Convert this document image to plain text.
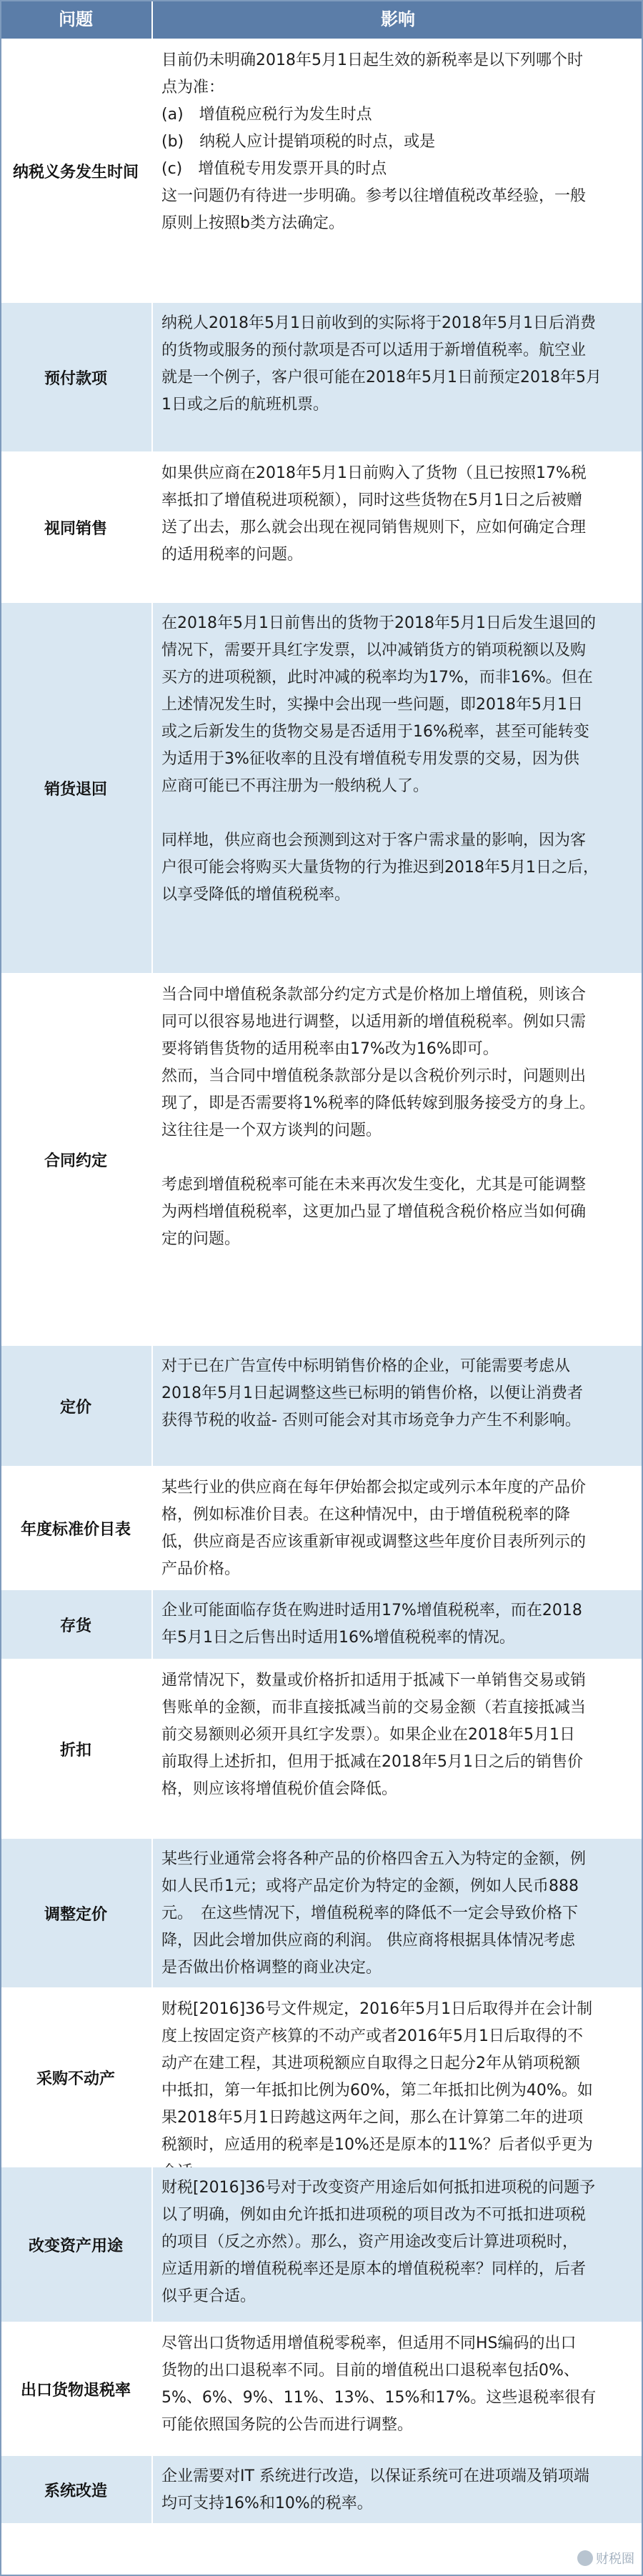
问题	影响
纳税义务发生时间

目前仍未明确2018年5月1日起生效的新税率是以下列哪个时

点为准：

(a)　增值税应税行为发生时点

(b)　纳税人应计提销项税的时点，或是

(c)　增值税专用发票开具的时点

这一问题仍有待进一步明确。参考以往增值税改革经验，一般

原则上按照b类方法确定。

预付款项

纳税人2018年5月1日前收到的实际将于2018年5月1日后消费

的货物或服务的预付款项是否可以适用于新增值税率。航空业

就是一个例子，客户很可能在2018年5月1日前预定2018年5月

1日或之后的航班机票。

视同销售

如果供应商在2018年5月1日前购入了货物（且已按照17%税

率抵扣了增值税进项税额），同时这些货物在5月1日之后被赠

送了出去，那么就会出现在视同销售规则下，应如何确定合理

的适用税率的问题。

销货退回

在2018年5月1日前售出的货物于2018年5月1日后发生退回的

情况下，需要开具红字发票，以冲减销货方的销项税额以及购

买方的进项税额，此时冲减的税率均为17%，而非16%。但在

上述情况发生时，实操中会出现一些问题，即2018年5月1日

或之后新发生的货物交易是否适用于16%税率，甚至可能转变

为适用于3%征收率的且没有增值税专用发票的交易，因为供

应商可能已不再注册为一般纳税人了。

同样地，供应商也会预测到这对于客户需求量的影响，因为客

户很可能会将购买大量货物的行为推迟到2018年5月1日之后，

以享受降低的增值税税率。

合同约定

当合同中增值税条款部分约定方式是价格加上增值税，则该合

同可以很容易地进行调整，以适用新的增值税税率。例如只需

要将销售货物的适用税率由17%改为16%即可。

然而，当合同中增值税条款部分是以含税价列示时，问题则出

现了，即是否需要将1%税率的降低转嫁到服务接受方的身上。

这往往是一个双方谈判的问题。

考虑到增值税税率可能在未来再次发生变化，尤其是可能调整

为两档增值税税率，这更加凸显了增值税含税价格应当如何确

定的问题。

定价

对于已在广告宣传中标明销售价格的企业，可能需要考虑从

2018年5月1日起调整这些已标明的销售价格，以便让消费者

获得节税的收益- 否则可能会对其市场竞争力产生不利影响。

年度标准价目表

某些行业的供应商在每年伊始都会拟定或列示本年度的产品价

格，例如标准价目表。在这种情况中，由于增值税税率的降

低，供应商是否应该重新审视或调整这些年度价目表所列示的

产品价格。

存货

企业可能面临存货在购进时适用17%增值税税率，而在2018

年5月1日之后售出时适用16%增值税税率的情况。

折扣

通常情况下，数量或价格折扣适用于抵减下一单销售交易或销

售账单的金额，而非直接抵减当前的交易金额（若直接抵减当

前交易额则必须开具红字发票）。如果企业在2018年5月1日

前取得上述折扣，但用于抵减在2018年5月1日之后的销售价

格，则应该将增值税价值会降低。

调整定价

某些行业通常会将各种产品的价格四舍五入为特定的金额，例

如人民币1元；或将产品定价为特定的金额，例如人民币888

元。　在这些情况下，增值税税率的降低不一定会导致价格下

降，因此会增加供应商的利润。 供应商将根据具体情况考虑

是否做出价格调整的商业决定。

采购不动产

财税[2016]36号文件规定，2016年5月1日后取得并在会计制

度上按固定资产核算的不动产或者2016年5月1日后取得的不

动产在建工程，其进项税额应自取得之日起分2年从销项税额

中抵扣，第一年抵扣比例为60%，第二年抵扣比例为40%。如

果2018年5月1日跨越这两年之间，那么在计算第二年的进项

税额时，应适用的税率是10%还是原本的11%？后者似乎更为

改变资产用途

财税[2016]36号对于改变资产用途后如何抵扣进项税的问题予

以了明确，例如由允许抵扣进项税的项目改为不可抵扣进项税

的项目（反之亦然）。那么，资产用途改变后计算进项税时，

应适用新的增值税税率还是原本的增值税税率？同样的，后者

似乎更合适。

出口货物退税率

尽管出口货物适用增值税零税率，但适用不同HS编码的出口

货物的出口退税率不同。目前的增值税出口退税率包括0%、

5%、6%、9%、11%、13%、15%和17%。这些退税率很有

可能依照国务院的公告而进行调整。

系统改造

企业需要对IT 系统进行改造，以保证系统可在进项端及销项端

均可支持16%和10%的税率。

财税圈
